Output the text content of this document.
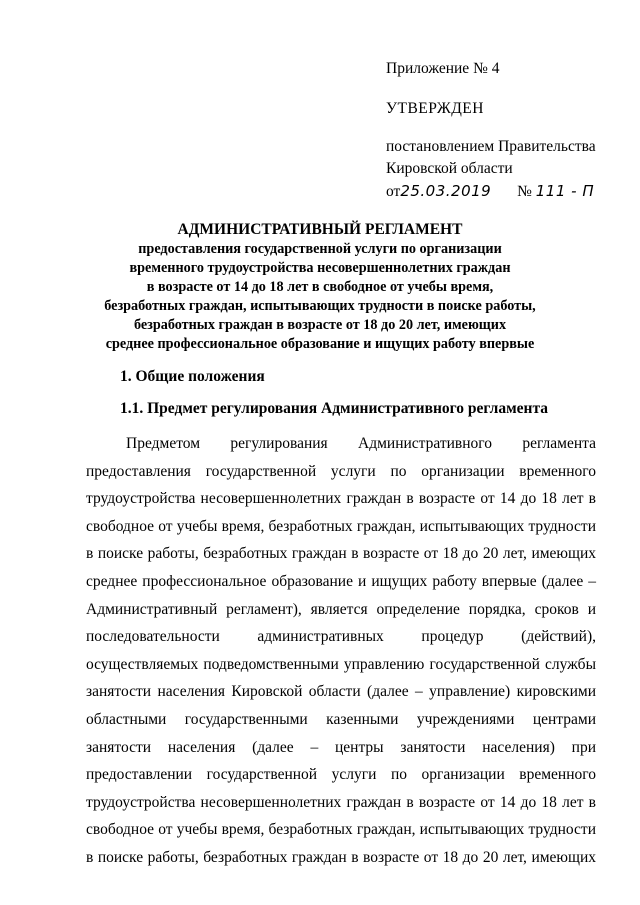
Приложение № 4

УТВЕРЖДЕН

постановлением Правительства

Кировской области

от25.03.2019 № 111 - П

АДМИНИСТРАТИВНЫЙ РЕГЛАМЕНТ

предоставления государственной услуги по организации

временного трудоустройства несовершеннолетних граждан

в возрасте от 14 до 18 лет в свободное от учебы время,

безработных граждан, испытывающих трудности в поиске работы,

безработных граждан в возрасте от 18 до 20 лет, имеющих

среднее профессиональное образование и ищущих работу впервые

1. Общие положения

1.1. Предмет регулирования Административного регламента

Предметом регулирования Административного регламента
предоставления государственной услуги по организации временного
трудоустройства несовершеннолетних граждан в возрасте от 14 до 18 лет в
свободное от учебы время, безработных граждан, испытывающих трудности
в поиске работы, безработных граждан в возрасте от 18 до 20 лет, имеющих
среднее профессиональное образование и ищущих работу впервые (далее –
Административный регламент), является определение порядка, сроков и
последовательности административных процедур (действий),
осуществляемых подведомственными управлению государственной службы
занятости населения Кировской области (далее – управление) кировскими
областными государственными казенными учреждениями центрами
занятости населения (далее – центры занятости населения) при
предоставлении государственной услуги по организации временного
трудоустройства несовершеннолетних граждан в возрасте от 14 до 18 лет в
свободное от учебы время, безработных граждан, испытывающих трудности
в поиске работы, безработных граждан в возрасте от 18 до 20 лет, имеющих
